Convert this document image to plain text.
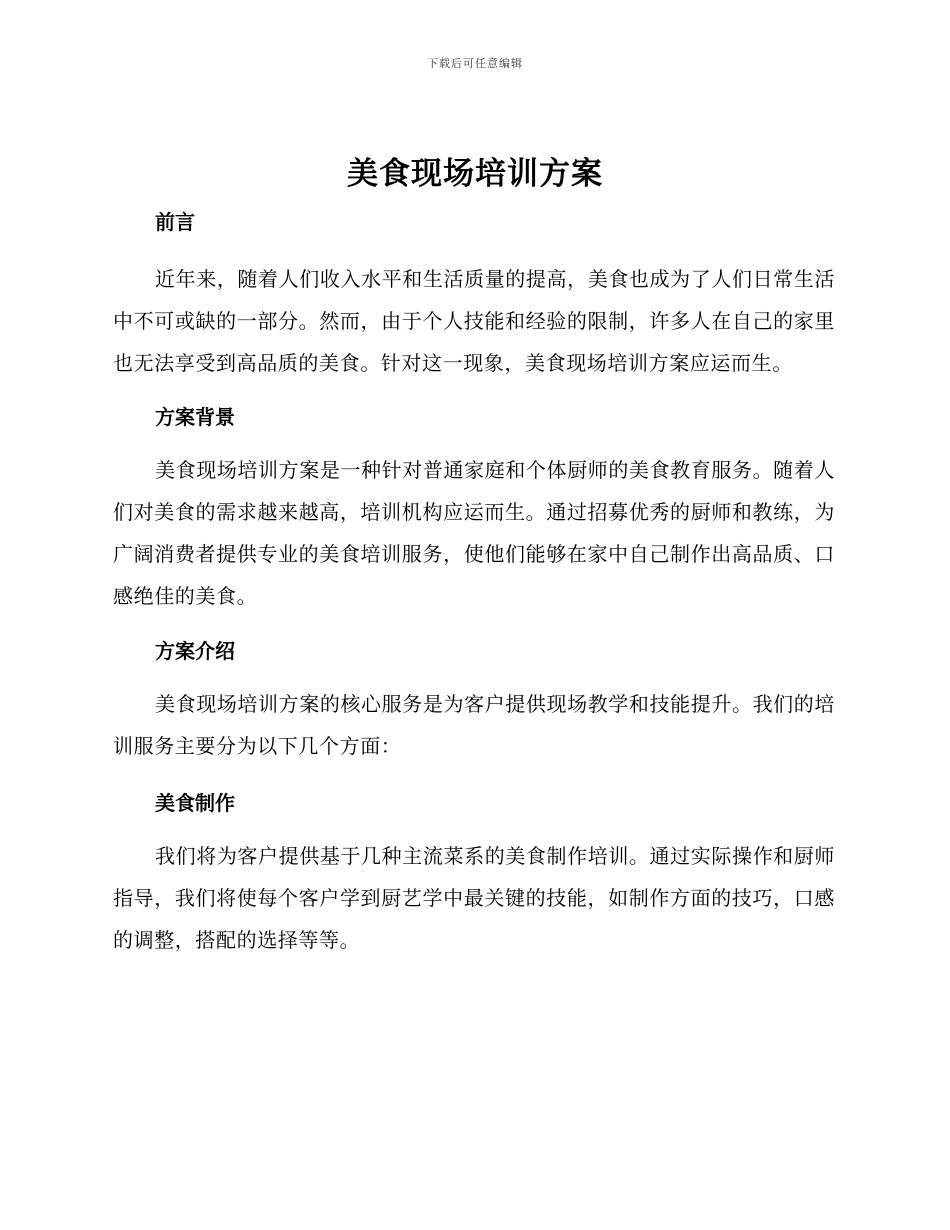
下载后可任意编辑
美食现场培训方案
前言

近年来，随着人们收入水平和生活质量的提高，美食也成为了人们日常生活中不可或缺的一部分。然而，由于个人技能和经验的限制，许多人在自己的家里也无法享受到高品质的美食。针对这一现象，美食现场培训方案应运而生。

方案背景

美食现场培训方案是一种针对普通家庭和个体厨师的美食教育服务。随着人们对美食的需求越来越高，培训机构应运而生。通过招募优秀的厨师和教练，为广阔消费者提供专业的美食培训服务，使他们能够在家中自己制作出高品质、口感绝佳的美食。

方案介绍

美食现场培训方案的核心服务是为客户提供现场教学和技能提升。我们的培训服务主要分为以下几个方面：

美食制作

我们将为客户提供基于几种主流菜系的美食制作培训。通过实际操作和厨师指导，我们将使每个客户学到厨艺学中最关键的技能，如制作方面的技巧，口感的调整，搭配的选择等等。
